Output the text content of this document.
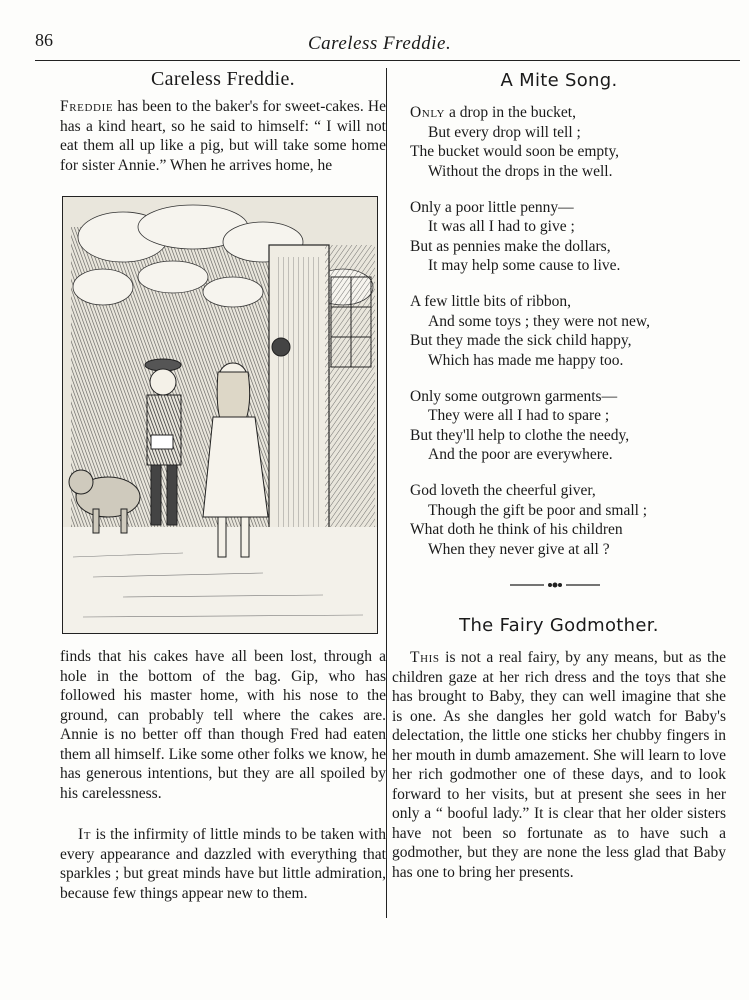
86	Careless Freddie.
Careless Freddie.

Freddie has been to the baker's for sweet-cakes. He has a kind heart, so he said to himself: “ I will not eat them all up like a pig, but will take some home for sister Annie.” When he arrives home, he

finds that his cakes have all been lost, through a hole in the bottom of the bag. Gip, who has followed his master home, with his nose to the ground, can probably tell where the cakes are. Annie is no better off than though Fred had eaten them all himself. Like some other folks we know, he has generous intentions, but they are all spoiled by his carelessness.

It is the infirmity of little minds to be taken with every appearance and dazzled with everything that sparkles ; but great minds have but little admiration, because few things appear new to them.

A Mite Song.
Only a drop in the bucket,
But every drop will tell ;
The bucket would soon be empty,
Without the drops in the well.
Only a poor little penny—
It was all I had to give ;
But as pennies make the dollars,
It may help some cause to live.
A few little bits of ribbon,
And some toys ; they were not new,
But they made the sick child happy,
Which has made me happy too.
Only some outgrown garments—
They were all I had to spare ;
But they'll help to clothe the needy,
And the poor are everywhere.
God loveth the cheerful giver,
Though the gift be poor and small ;
What doth he think of his children
When they never give at all ?
The Fairy Godmother.

This is not a real fairy, by any means, but as the children gaze at her rich dress and the toys that she has brought to Baby, they can well imagine that she is one. As she dangles her gold watch for Baby's delectation, the little one sticks her chubby fingers in her mouth in dumb amazement. She will learn to love her rich godmother one of these days, and to look forward to her visits, but at present she sees in her only a “ booful lady.” It is clear that her older sisters have not been so fortunate as to have such a godmother, but they are none the less glad that Baby has one to bring her presents.
